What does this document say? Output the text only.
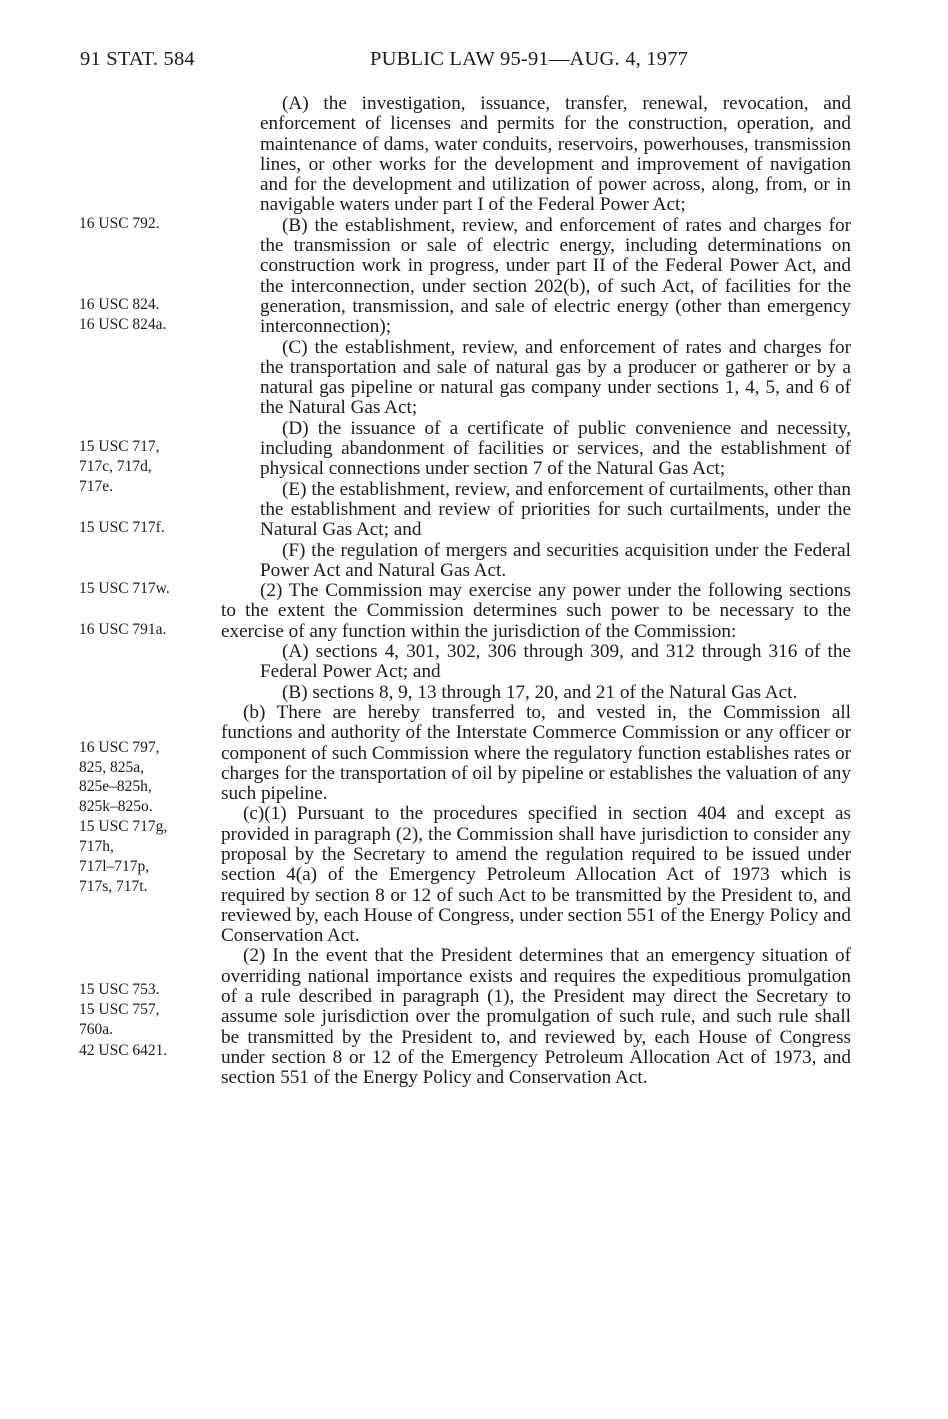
91 STAT. 584	PUBLIC LAW 95-91—AUG. 4, 1977
16 USC 792.
16 USC 824.
16 USC 824a.
15 USC 717,
717c, 717d,
717e.
15 USC 717f.
15 USC 717w.
16 USC 791a.
16 USC 797,
825, 825a,
825e–825h,
825k–825o.
15 USC 717g,
717h,
717l–717p,
717s, 717t.
15 USC 753.
15 USC 757,
760a.
42 USC 6421.

(A) the investigation, issuance, transfer, renewal, revocation, and enforcement of licenses and permits for the construction, operation, and maintenance of dams, water conduits, reservoirs, powerhouses, transmission lines, or other works for the development and improvement of navigation and for the development and utilization of power across, along, from, or in navigable waters under part I of the Federal Power Act;

(B) the establishment, review, and enforcement of rates and charges for the transmission or sale of electric energy, including determinations on construction work in progress, under part II of the Federal Power Act, and the interconnection, under section 202(b), of such Act, of facilities for the generation, transmission, and sale of electric energy (other than emergency interconnection);

(C) the establishment, review, and enforcement of rates and charges for the transportation and sale of natural gas by a producer or gatherer or by a natural gas pipeline or natural gas company under sections 1, 4, 5, and 6 of the Natural Gas Act;

(D) the issuance of a certificate of public convenience and necessity, including abandonment of facilities or services, and the establishment of physical connections under section 7 of the Natural Gas Act;

(E) the establishment, review, and enforcement of curtailments, other than the establishment and review of priorities for such curtailments, under the Natural Gas Act; and

(F) the regulation of mergers and securities acquisition under the Federal Power Act and Natural Gas Act.

(2) The Commission may exercise any power under the following sections to the extent the Commission determines such power to be necessary to the exercise of any function within the jurisdiction of the Commission:

(A) sections 4, 301, 302, 306 through 309, and 312 through 316 of the Federal Power Act; and

(B) sections 8, 9, 13 through 17, 20, and 21 of the Natural Gas Act.

(b) There are hereby transferred to, and vested in, the Commission all functions and authority of the Interstate Commerce Commission or any officer or component of such Commission where the regulatory function establishes rates or charges for the transportation of oil by pipeline or establishes the valuation of any such pipeline.

(c)(1) Pursuant to the procedures specified in section 404 and except as provided in paragraph (2), the Commission shall have jurisdiction to consider any proposal by the Secretary to amend the regulation required to be issued under section 4(a) of the Emergency Petroleum Allocation Act of 1973 which is required by section 8 or 12 of such Act to be transmitted by the President to, and reviewed by, each House of Congress, under section 551 of the Energy Policy and Conservation Act.

(2) In the event that the President determines that an emergency situation of overriding national importance exists and requires the expeditious promulgation of a rule described in paragraph (1), the President may direct the Secretary to assume sole jurisdiction over the promulgation of such rule, and such rule shall be transmitted by the President to, and reviewed by, each House of Congress under section 8 or 12 of the Emergency Petroleum Allocation Act of 1973, and section 551 of the Energy Policy and Conservation Act.
